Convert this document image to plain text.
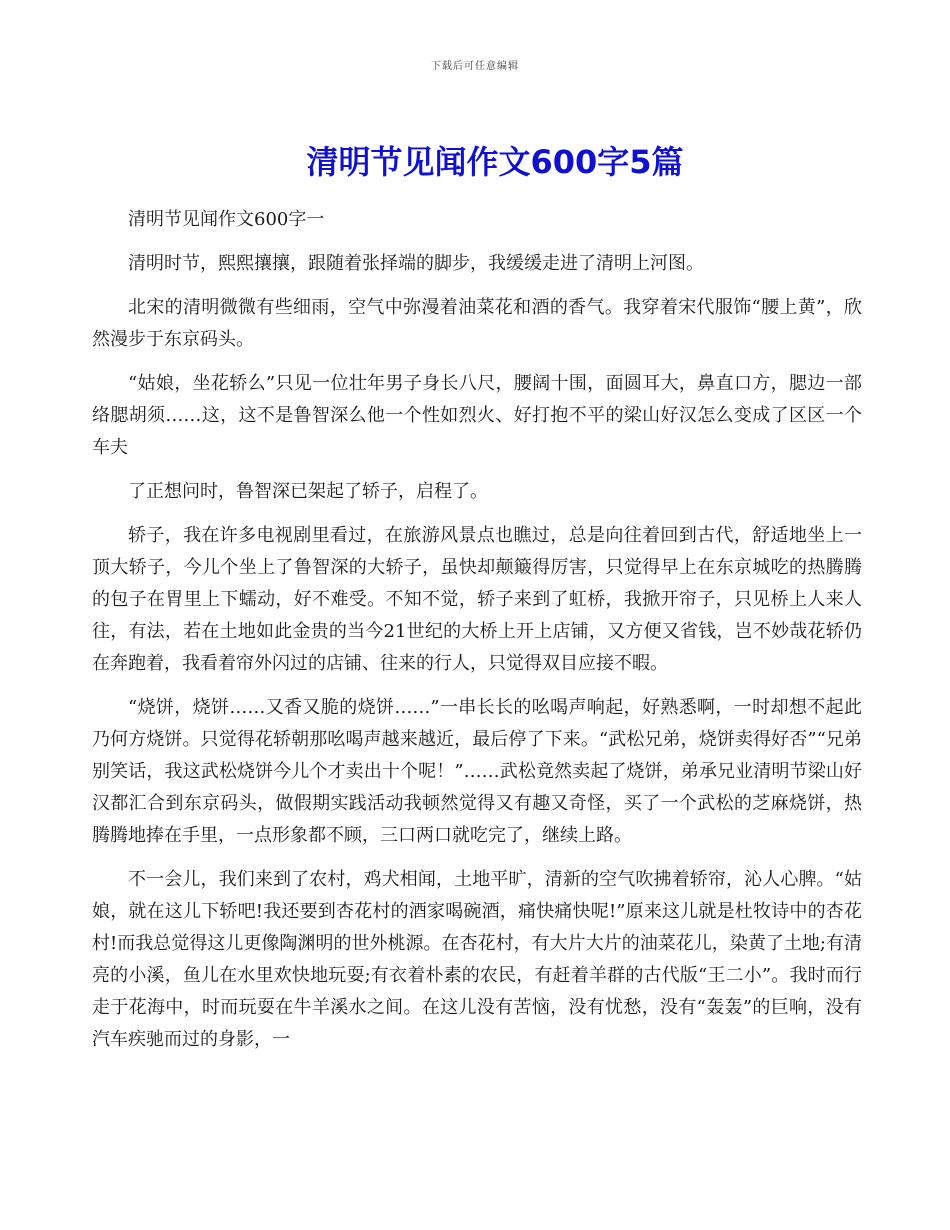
下载后可任意编辑
清明节见闻作文600字5篇

清明节见闻作文600字一

清明时节，熙熙攘攘，跟随着张择端的脚步，我缓缓走进了清明上河图。

北宋的清明微微有些细雨，空气中弥漫着油菜花和酒的香气。我穿着宋代服饰“腰上黄”，欣然漫步于东京码头。

“姑娘，坐花轿么”只见一位壮年男子身长八尺，腰阔十围，面圆耳大，鼻直口方，腮边一部络腮胡须……这，这不是鲁智深么他一个性如烈火、好打抱不平的梁山好汉怎么变成了区区一个车夫

了正想问时，鲁智深已架起了轿子，启程了。

轿子，我在许多电视剧里看过，在旅游风景点也瞧过，总是向往着回到古代，舒适地坐上一顶大轿子，今儿个坐上了鲁智深的大轿子，虽快却颠簸得厉害，只觉得早上在东京城吃的热腾腾的包子在胃里上下蠕动，好不难受。不知不觉，轿子来到了虹桥，我掀开帘子，只见桥上人来人往，有法，若在土地如此金贵的当今21世纪的大桥上开上店铺，又方便又省钱，岂不妙哉花轿仍在奔跑着，我看着帘外闪过的店铺、往来的行人，只觉得双目应接不暇。

“烧饼，烧饼……又香又脆的烧饼……”一串长长的吆喝声响起，好熟悉啊，一时却想不起此乃何方烧饼。只觉得花轿朝那吆喝声越来越近，最后停了下来。“武松兄弟，烧饼卖得好否”“兄弟别笑话，我这武松烧饼今儿个才卖出十个呢！”……武松竟然卖起了烧饼，弟承兄业清明节梁山好汉都汇合到东京码头，做假期实践活动我顿然觉得又有趣又奇怪，买了一个武松的芝麻烧饼，热腾腾地捧在手里，一点形象都不顾，三口两口就吃完了，继续上路。

不一会儿，我们来到了农村，鸡犬相闻，土地平旷，清新的空气吹拂着轿帘，沁人心脾。“姑娘，就在这儿下轿吧!我还要到杏花村的酒家喝碗酒，痛快痛快呢!”原来这儿就是杜牧诗中的杏花村!而我总觉得这儿更像陶渊明的世外桃源。在杏花村，有大片大片的油菜花儿，染黄了土地;有清亮的小溪，鱼儿在水里欢快地玩耍;有衣着朴素的农民，有赶着羊群的古代版“王二小”。我时而行走于花海中，时而玩耍在牛羊溪水之间。在这儿没有苦恼，没有忧愁，没有“轰轰”的巨响，没有汽车疾驰而过的身影，一
